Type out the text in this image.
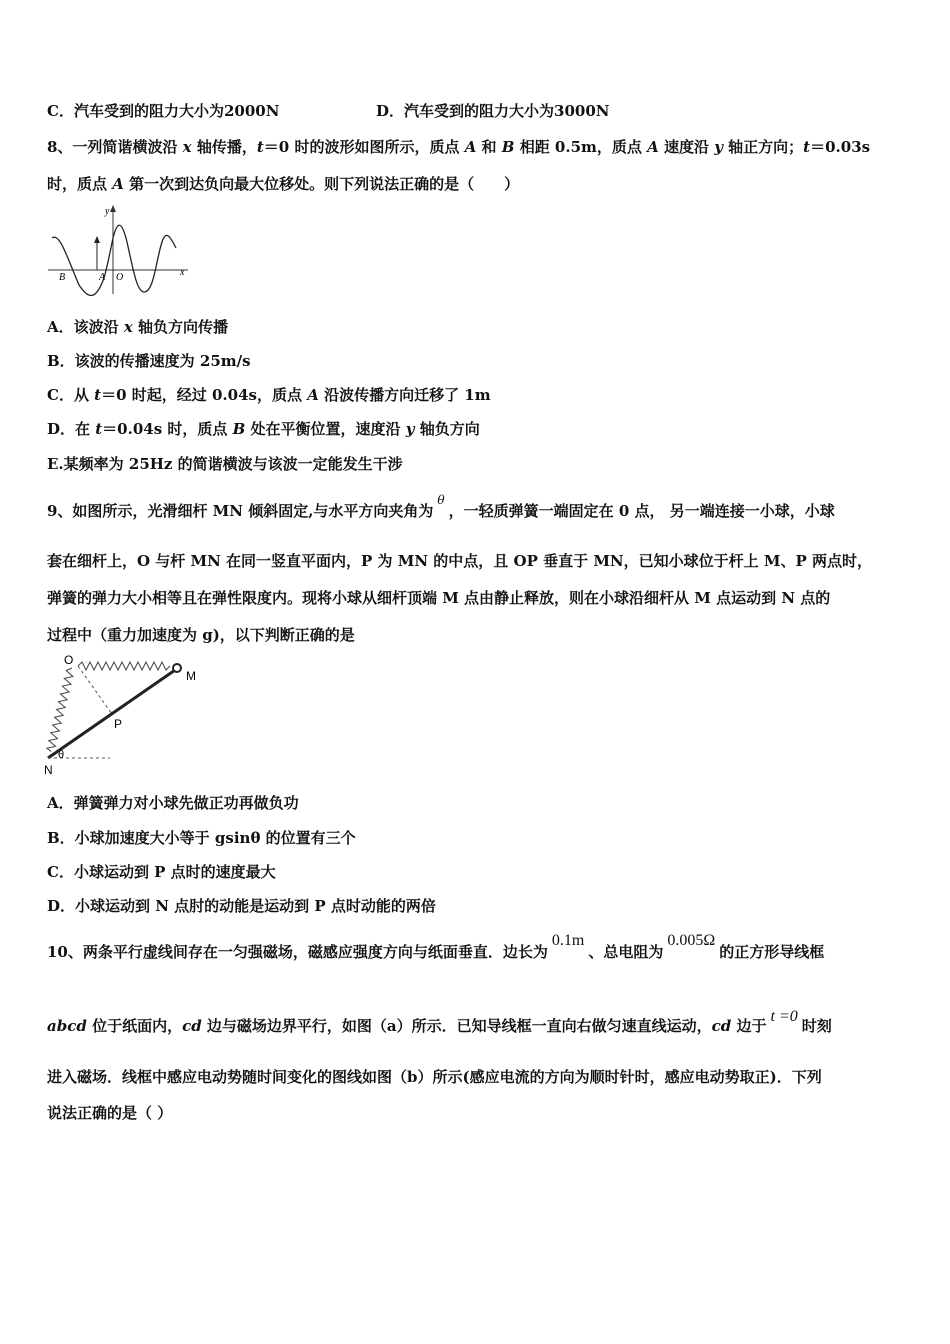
C．汽车受到的阻力大小为2000N	D．汽车受到的阻力大小为3000N
8、一列简谐横波沿 x 轴传播，t＝0 时的波形如图所示，质点 A 和 B 相距 0.5m，质点 A 速度沿 y 轴正方向；t＝0.03s
时，质点 A 第一次到达负向最大位移处。则下列说法正确的是（　　）
y
x
B	A O
A．该波沿 x 轴负方向传播
B．该波的传播速度为 25m/s
C．从 t＝0 时起，经过 0.04s，质点 A 沿波传播方向迁移了 1m
D．在 t＝0.04s 时，质点 B 处在平衡位置，速度沿 y 轴负方向
E.某频率为 25Hz 的简谐横波与该波一定能发生干涉
9、如图所示，光滑细杆 MN 倾斜固定,与水平方向夹角为$^\theta$，一轻质弹簧一端固定在 0 点， 另一端连接一小球，小球
套在细杆上，O 与杆 MN 在同一竖直平面内，P 为 MN 的中点，且 OP 垂直于 MN，已知小球位于杆上 M、P 两点时，
弹簧的弹力大小相等且在弹性限度内。现将小球从细杆顶端 M 点由静止释放，则在小球沿细杆从 M 点运动到 N 点的
过程中（重力加速度为 g)，以下判断正确的是
O
M
P
N
θ
A．弹簧弹力对小球先做正功再做负功
B．小球加速度大小等于 gsinθ 的位置有三个
C．小球运动到 P 点时的速度最大
D．小球运动到 N 点肘的动能是运动到 P 点时动能的两倍
10、两条平行虚线间存在一匀强磁场，磁感应强度方向与纸面垂直．边长为0.1m、总电阻为0.005Ω的正方形导线框
abcd 位于纸面内，cd 边与磁场边界平行，如图（a）所示．已知导线框一直向右做匀速直线运动，cd 边于t =0时刻
进入磁场．线框中感应电动势随时间变化的图线如图（b）所示(感应电流的方向为顺时针时，感应电动势取正)．下列
说法正确的是（ ）
